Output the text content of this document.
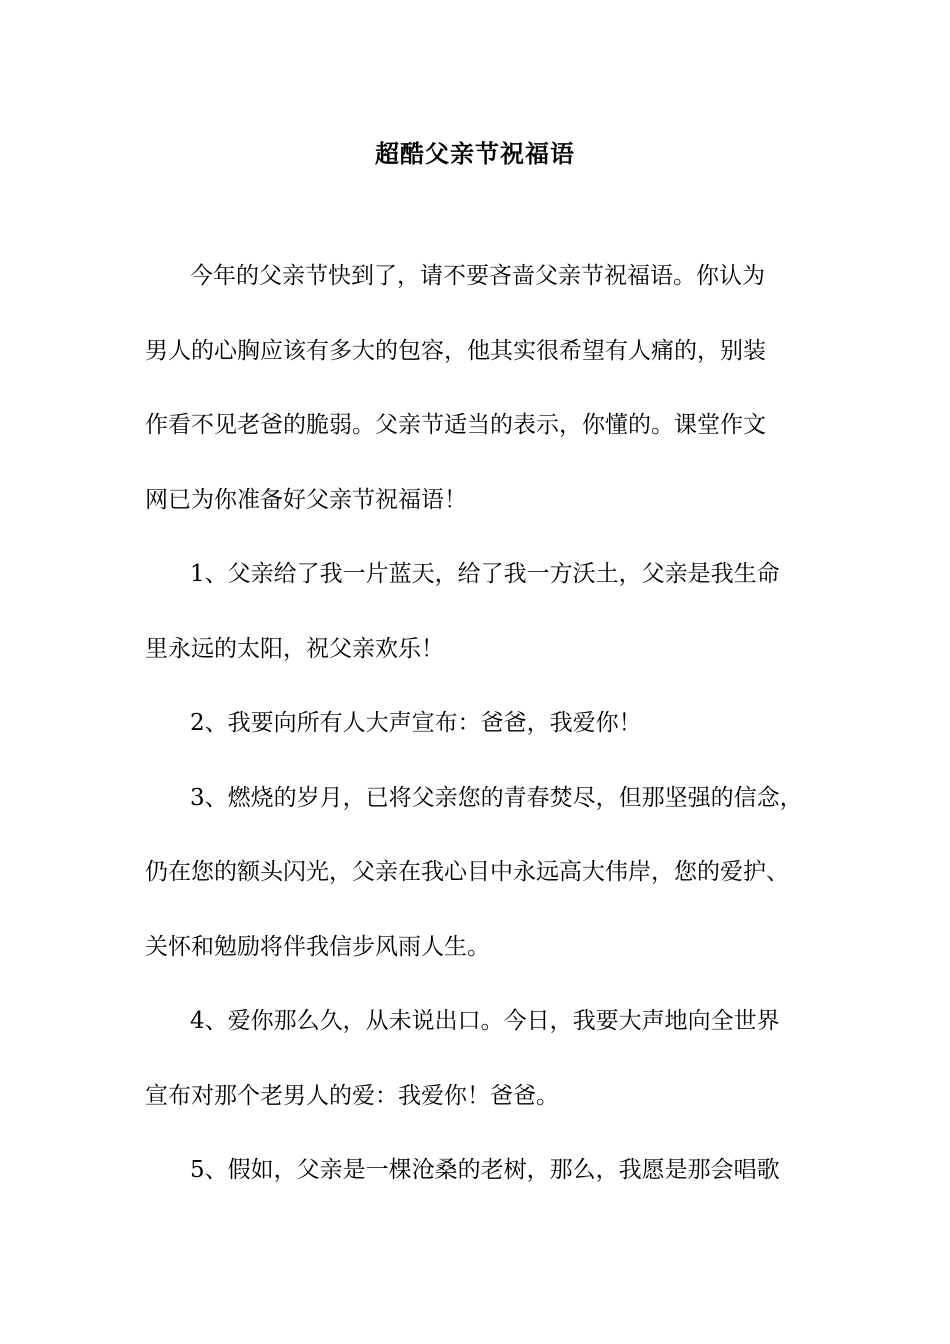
超酷父亲节祝福语
今年的父亲节快到了，请不要吝啬父亲节祝福语。你认为
男人的心胸应该有多大的包容，他其实很希望有人痛的，别装
作看不见老爸的脆弱。父亲节适当的表示，你懂的。课堂作文
网已为你准备好父亲节祝福语！
1、父亲给了我一片蓝天，给了我一方沃土，父亲是我生命
里永远的太阳，祝父亲欢乐！
2、我要向所有人大声宣布：爸爸，我爱你！
3、燃烧的岁月，已将父亲您的青春焚尽，但那坚强的信念，
仍在您的额头闪光，父亲在我心目中永远高大伟岸，您的爱护、
关怀和勉励将伴我信步风雨人生。
4、爱你那么久，从未说出口。今日，我要大声地向全世界
宣布对那个老男人的爱：我爱你！爸爸。
5、假如，父亲是一棵沧桑的老树，那么，我愿是那会唱歌
